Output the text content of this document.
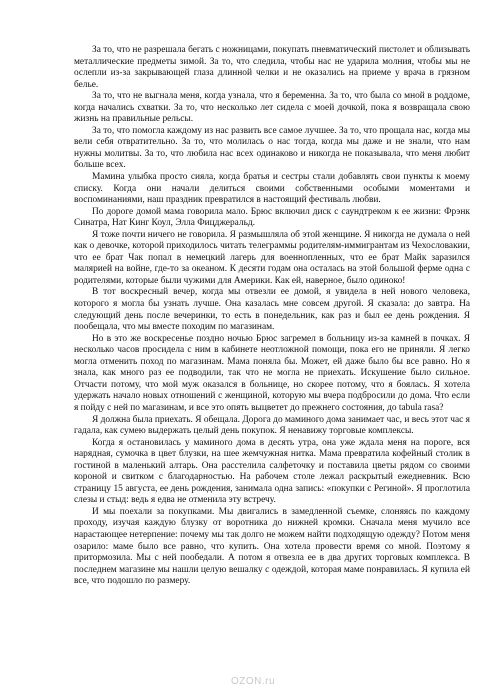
За то, что не разрешала бегать с ножницами, покупать пневматический пистолет и облизывать металлические предметы зимой. За то, что следила, чтобы нас не ударила молния, чтобы мы не ослепли из-за закрывающей глаза длинной челки и не оказались на приеме у врача в грязном белье.

За то, что не выгнала меня, когда узнала, что я беременна. За то, что была со мной в роддоме, когда начались схватки. За то, что несколько лет сидела с моей дочкой, пока я возвращала свою жизнь на правильные рельсы.

За то, что помогла каждому из нас развить все самое лучшее. За то, что прощала нас, когда мы вели себя отвратительно. За то, что молилась о нас тогда, когда мы даже и не знали, что нам нужны молитвы. За то, что любила нас всех одинаково и никогда не показывала, что меня любит больше всех.

Мамина улыбка просто сияла, когда братья и сестры стали добавлять свои пункты к моему списку. Когда они начали делиться своими собственными особыми моментами и воспоминаниями, наш праздник превратился в настоящий фестиваль любви.

По дороге домой мама говорила мало. Брюс включил диск с саундтреком к ее жизни: Фрэнк Синатра, Нат Кинг Коул, Элла Фицджеральд.

Я тоже почти ничего не говорила. Я размышляла об этой женщине. Я никогда не думала о ней как о девочке, которой приходилось читать телеграммы родителям-иммигрантам из Чехословакии, что ее брат Чак попал в немецкий лагерь для военнопленных, что ее брат Майк заразился малярией на войне, где-то за океаном. К десяти годам она осталась на этой большой ферме одна с родителями, которые были чужими для Америки. Как ей, наверное, было одиноко!

В тот воскресный вечер, когда мы отвезли ее домой, я увидела в ней нового человека, которого я могла бы узнать лучше. Она казалась мне совсем другой. Я сказала: до завтра. На следующий день после вечеринки, то есть в понедельник, как раз и был ее день рождения. Я пообещала, что мы вместе походим по магазинам.

Но в это же воскресенье поздно ночью Брюс загремел в больницу из-за камней в почках. Я несколько часов просидела с ним в кабинете неотложной помощи, пока его не приняли. Я легко могла отменить поход по магазинам. Мама поняла бы. Может, ей даже было бы все равно. Но я знала, как много раз ее подводили, так что не могла не приехать. Искушение было сильное. Отчасти потому, что мой муж оказался в больнице, но скорее потому, что я боялась. Я хотела удержать начало новых отношений с женщиной, которую мы вчера подбросили до дома. Что если я пойду с ней по магазинам, и все это опять выцветет до прежнего состояния, до tabula rasa?

Я должна была приехать. Я обещала. Дорога до маминого дома занимает час, и весь этот час я гадала, как сумею выдержать целый день покупок. Я ненавижу торговые комплексы.

Когда я остановилась у маминого дома в десять утра, она уже ждала меня на пороге, вся нарядная, сумочка в цвет блузки, на шее жемчужная нитка. Мама превратила кофейный столик в гостиной в маленький алтарь. Она расстелила салфеточку и поставила цветы рядом со своими короной и свитком с благодарностью. На рабочем столе лежал раскрытый ежедневник. Всю страницу 15 августа, ее день рождения, занимала одна запись: «покупки с Региной». Я проглотила слезы и стыд: ведь я едва не отменила эту встречу.

И мы поехали за покупками. Мы двигались в замедленной съемке, слоняясь по каждому проходу, изучая каждую блузку от воротника до нижней кромки. Сначала меня мучило все нарастающее нетерпение: почему мы так долго не можем найти подходящую одежду? Потом меня озарило: маме было все равно, что купить. Она хотела провести время со мной. Поэтому я притормозила. Мы с ней пообедали. А потом я отвезла ее в два других торговых комплекса. В последнем магазине мы нашли целую вешалку с одеждой, которая маме понравилась. Я купила ей все, что подошло по размеру.

OZON.ru
